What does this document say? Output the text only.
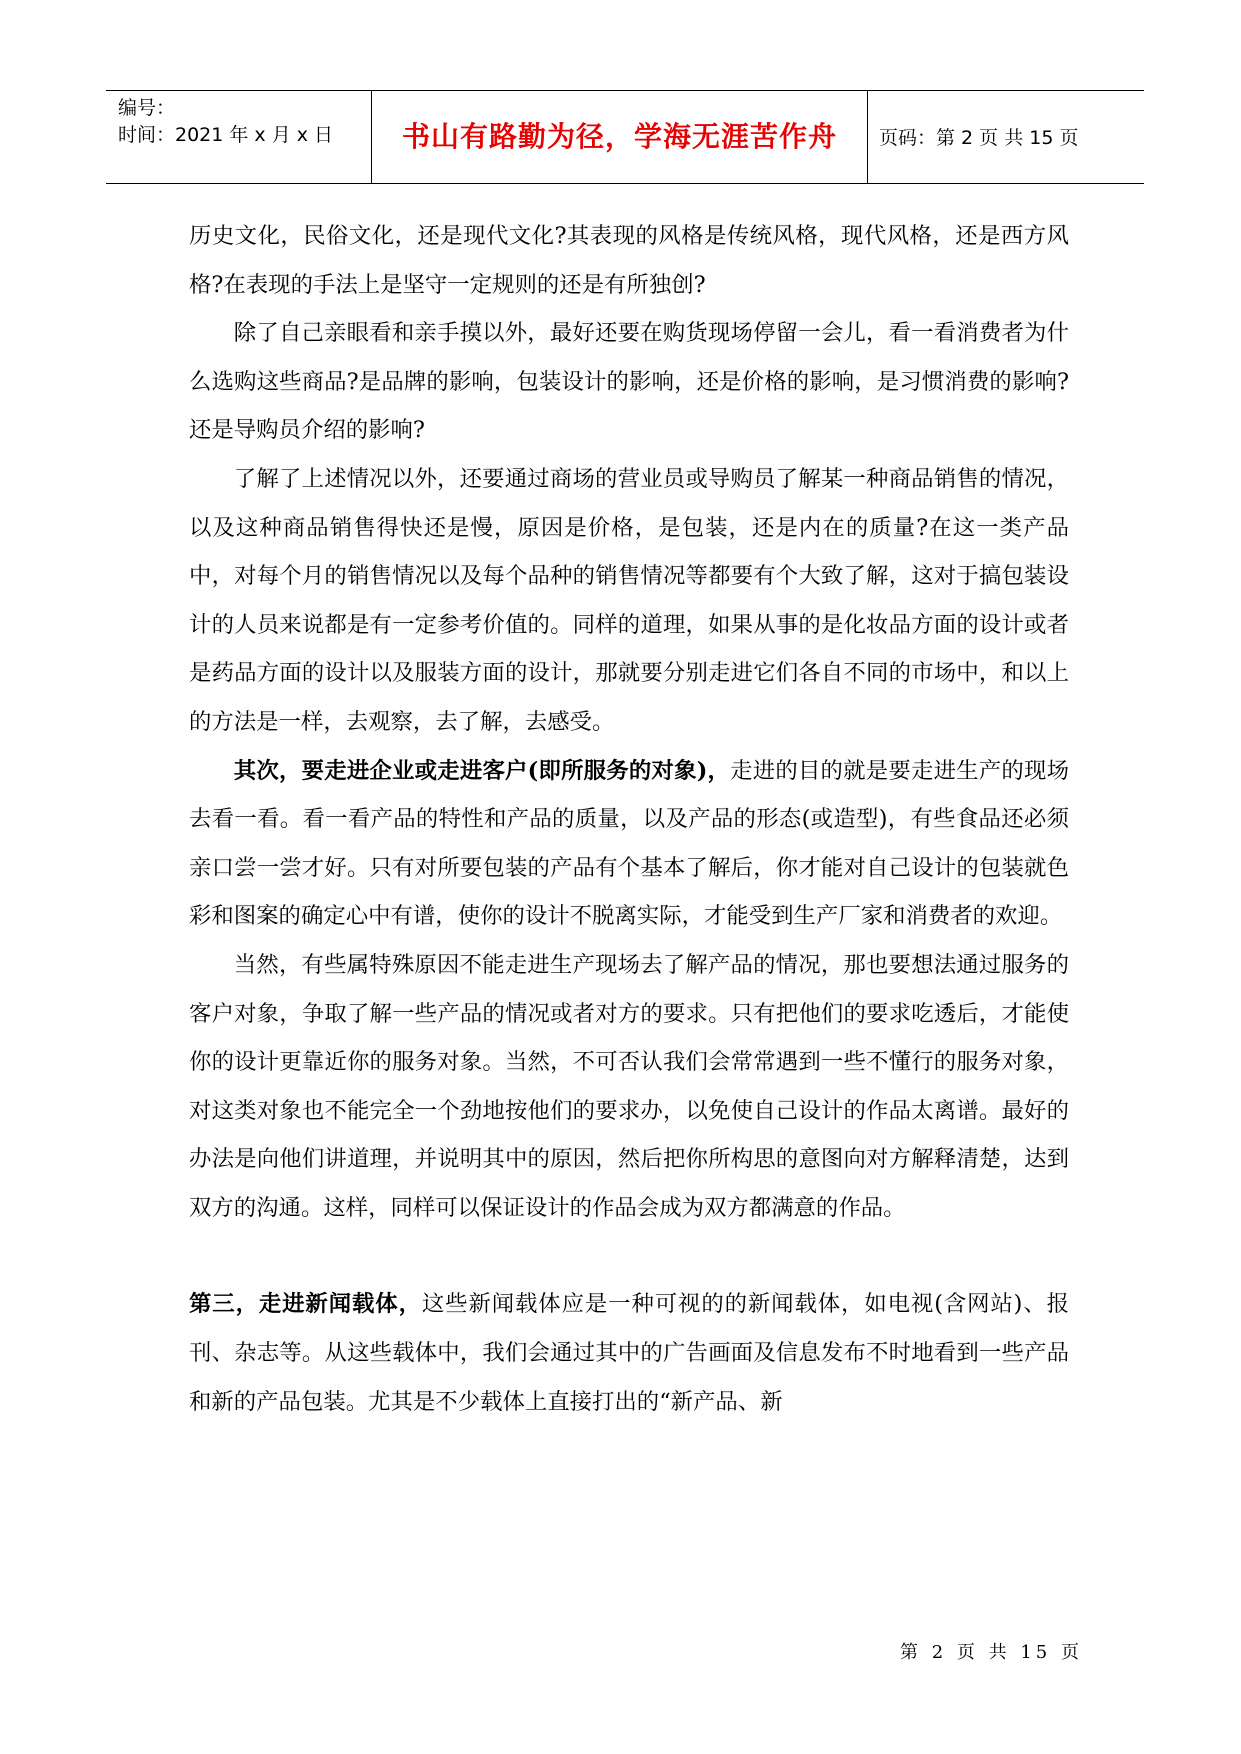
编号：
时间：2021 年 x 月 x 日	书山有路勤为径，学海无涯苦作舟	页码：第 2 页 共 15 页

历史文化，民俗文化，还是现代文化?其表现的风格是传统风格，现代风格，还是西方风格?在表现的手法上是坚守一定规则的还是有所独创?

除了自己亲眼看和亲手摸以外，最好还要在购货现场停留一会儿，看一看消费者为什么选购这些商品?是品牌的影响，包装设计的影响，还是价格的影响，是习惯消费的影响?还是导购员介绍的影响?

了解了上述情况以外，还要通过商场的营业员或导购员了解某一种商品销售的情况，以及这种商品销售得快还是慢，原因是价格，是包装，还是内在的质量?在这一类产品中，对每个月的销售情况以及每个品种的销售情况等都要有个大致了解，这对于搞包装设计的人员来说都是有一定参考价值的。同样的道理，如果从事的是化妆品方面的设计或者是药品方面的设计以及服装方面的设计，那就要分别走进它们各自不同的市场中，和以上的方法是一样，去观察，去了解，去感受。

其次，要走进企业或走进客户(即所服务的对象)，走进的目的就是要走进生产的现场去看一看。看一看产品的特性和产品的质量，以及产品的形态(或造型)，有些食品还必须亲口尝一尝才好。只有对所要包装的产品有个基本了解后，你才能对自己设计的包装就色彩和图案的确定心中有谱，使你的设计不脱离实际，才能受到生产厂家和消费者的欢迎。

当然，有些属特殊原因不能走进生产现场去了解产品的情况，那也要想法通过服务的客户对象，争取了解一些产品的情况或者对方的要求。只有把他们的要求吃透后，才能使你的设计更靠近你的服务对象。当然，不可否认我们会常常遇到一些不懂行的服务对象，对这类对象也不能完全一个劲地按他们的要求办，以免使自己设计的作品太离谱。最好的办法是向他们讲道理，并说明其中的原因，然后把你所构思的意图向对方解释清楚，达到双方的沟通。这样，同样可以保证设计的作品会成为双方都满意的作品。

第三，走进新闻载体，这些新闻载体应是一种可视的的新闻载体，如电视(含网站)、报刊、杂志等。从这些载体中，我们会通过其中的广告画面及信息发布不时地看到一些产品和新的产品包装。尤其是不少载体上直接打出的“新产品、新

第 2 页 共 15 页
